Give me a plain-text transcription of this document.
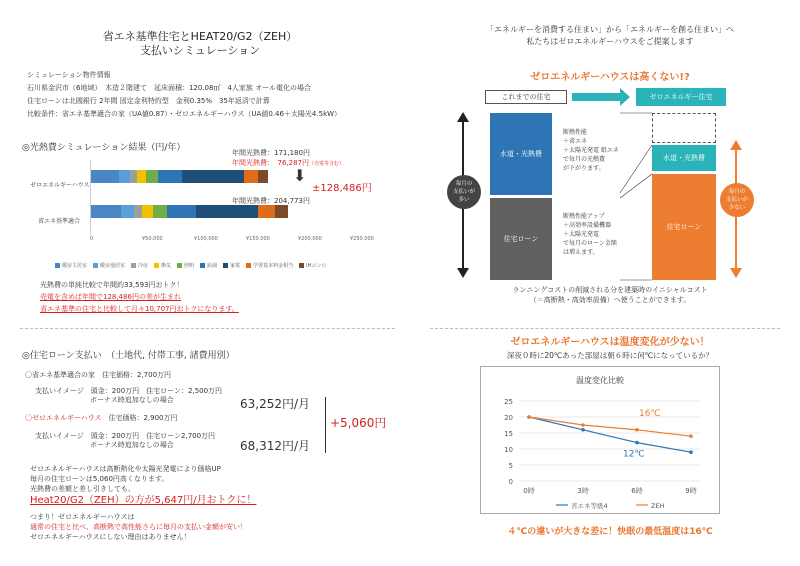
省エネ基準住宅とHEAT20/G2（ZEH）
支払いシミュレーション
シミュレーション物件情報
石川県金沢市（6地域）　木造２階建て　延床面積：120.08㎡　4人家族 オール電化の場合
住宅ローンは北國銀行 2年間 固定金利特約型　金利0.35%　35年返済で計算
比較条件：省エネ基準適合の家（UA値0.87）・ゼロエネルギーハウス（UA値0.46＋太陽光4.5kW）
◎光熱費シミュレーション結果（円/年）	年間光熱費：171,180円
年間光熱費：　76,287円（売電等含む）
±128,486円
年間光熱費：204,773円
⬇
ゼロエネルギーハウス
省エネ基準適合
0	¥50,000	¥100,000	¥150,000	¥200,000	¥250,000
暖房主居室	暖房他居室	冷房	換気	照明	給湯	家電	学習基本料金相当	IHコンロ
光熱費の単純比較で年間約33,593円おトク！
売電を含めば年間で128,486円の差が生まれ
省エネ基準の住宅と比較して月々10,707円おトクになります。
◎住宅ローン支払い　（土地代, 付帯工事, 諸費用別）
〇省エネ基準適合の家　住宅価格：2,700万円
支払いイメージ　頭金：200万円　住宅ローン：2,500万円
ボーナス時追加なしの場合	63,252円/月
〇ゼロエネルギーハウス　 住宅価格：2,900万円
支払いイメージ　頭金：200万円　住宅ローン2,700万円
ボーナス時追加なしの場合	68,312円/月
+5,060円
ゼロエネルギーハウスは高断熱化や太陽光発電により価格UP
毎月の住宅ローンは5,060円高くなります。
光熱費の差額と差し引きしても、
Heat20/G2（ZEH）の方が5,647円/月おトクに！
つまり！ゼロエネルギーハウスは
通常の住宅と比べ、高断熱で高性能さらに毎月の支払い金額が安い！
ゼロエネルギーハウスにしない理由はありません！
「エネルギーを消費する住まい」から「エネルギーを創る住まい」へ
私たちはゼロエネルギーハウスをご提案します
ゼロエネルギーハウスは高くない!?
これまでの住宅	ゼロエネルギー住宅
水道・光熱費
住宅ローン
断熱性能
＋省エネ
＋太陽光発電 組エネ
で毎月の光熱費
が下がります。
断熱性能アップ
＋高効率設備機器
＋太陽光発電
で毎月のローン金額
は増えます。
水道・光熱費
住宅ローン
毎月の
支払いが
多い
毎月の
支払いが
少ない
ランニングコストの削減される分を建築時のイニシャルコスト
（＝高断熱・高効率設備）へ使うことができます。
ゼロエネルギーハウスは温度変化が少ない！
深夜０時に20℃あった部屋は朝６時に何℃になっているか？
温度変化比較
0
5
10
15
20
25
0時	3時	6時	9時
省エネ等級4	ZEH
16℃
12℃
４℃の違いが大きな差に！快眠の最低温度は16℃
